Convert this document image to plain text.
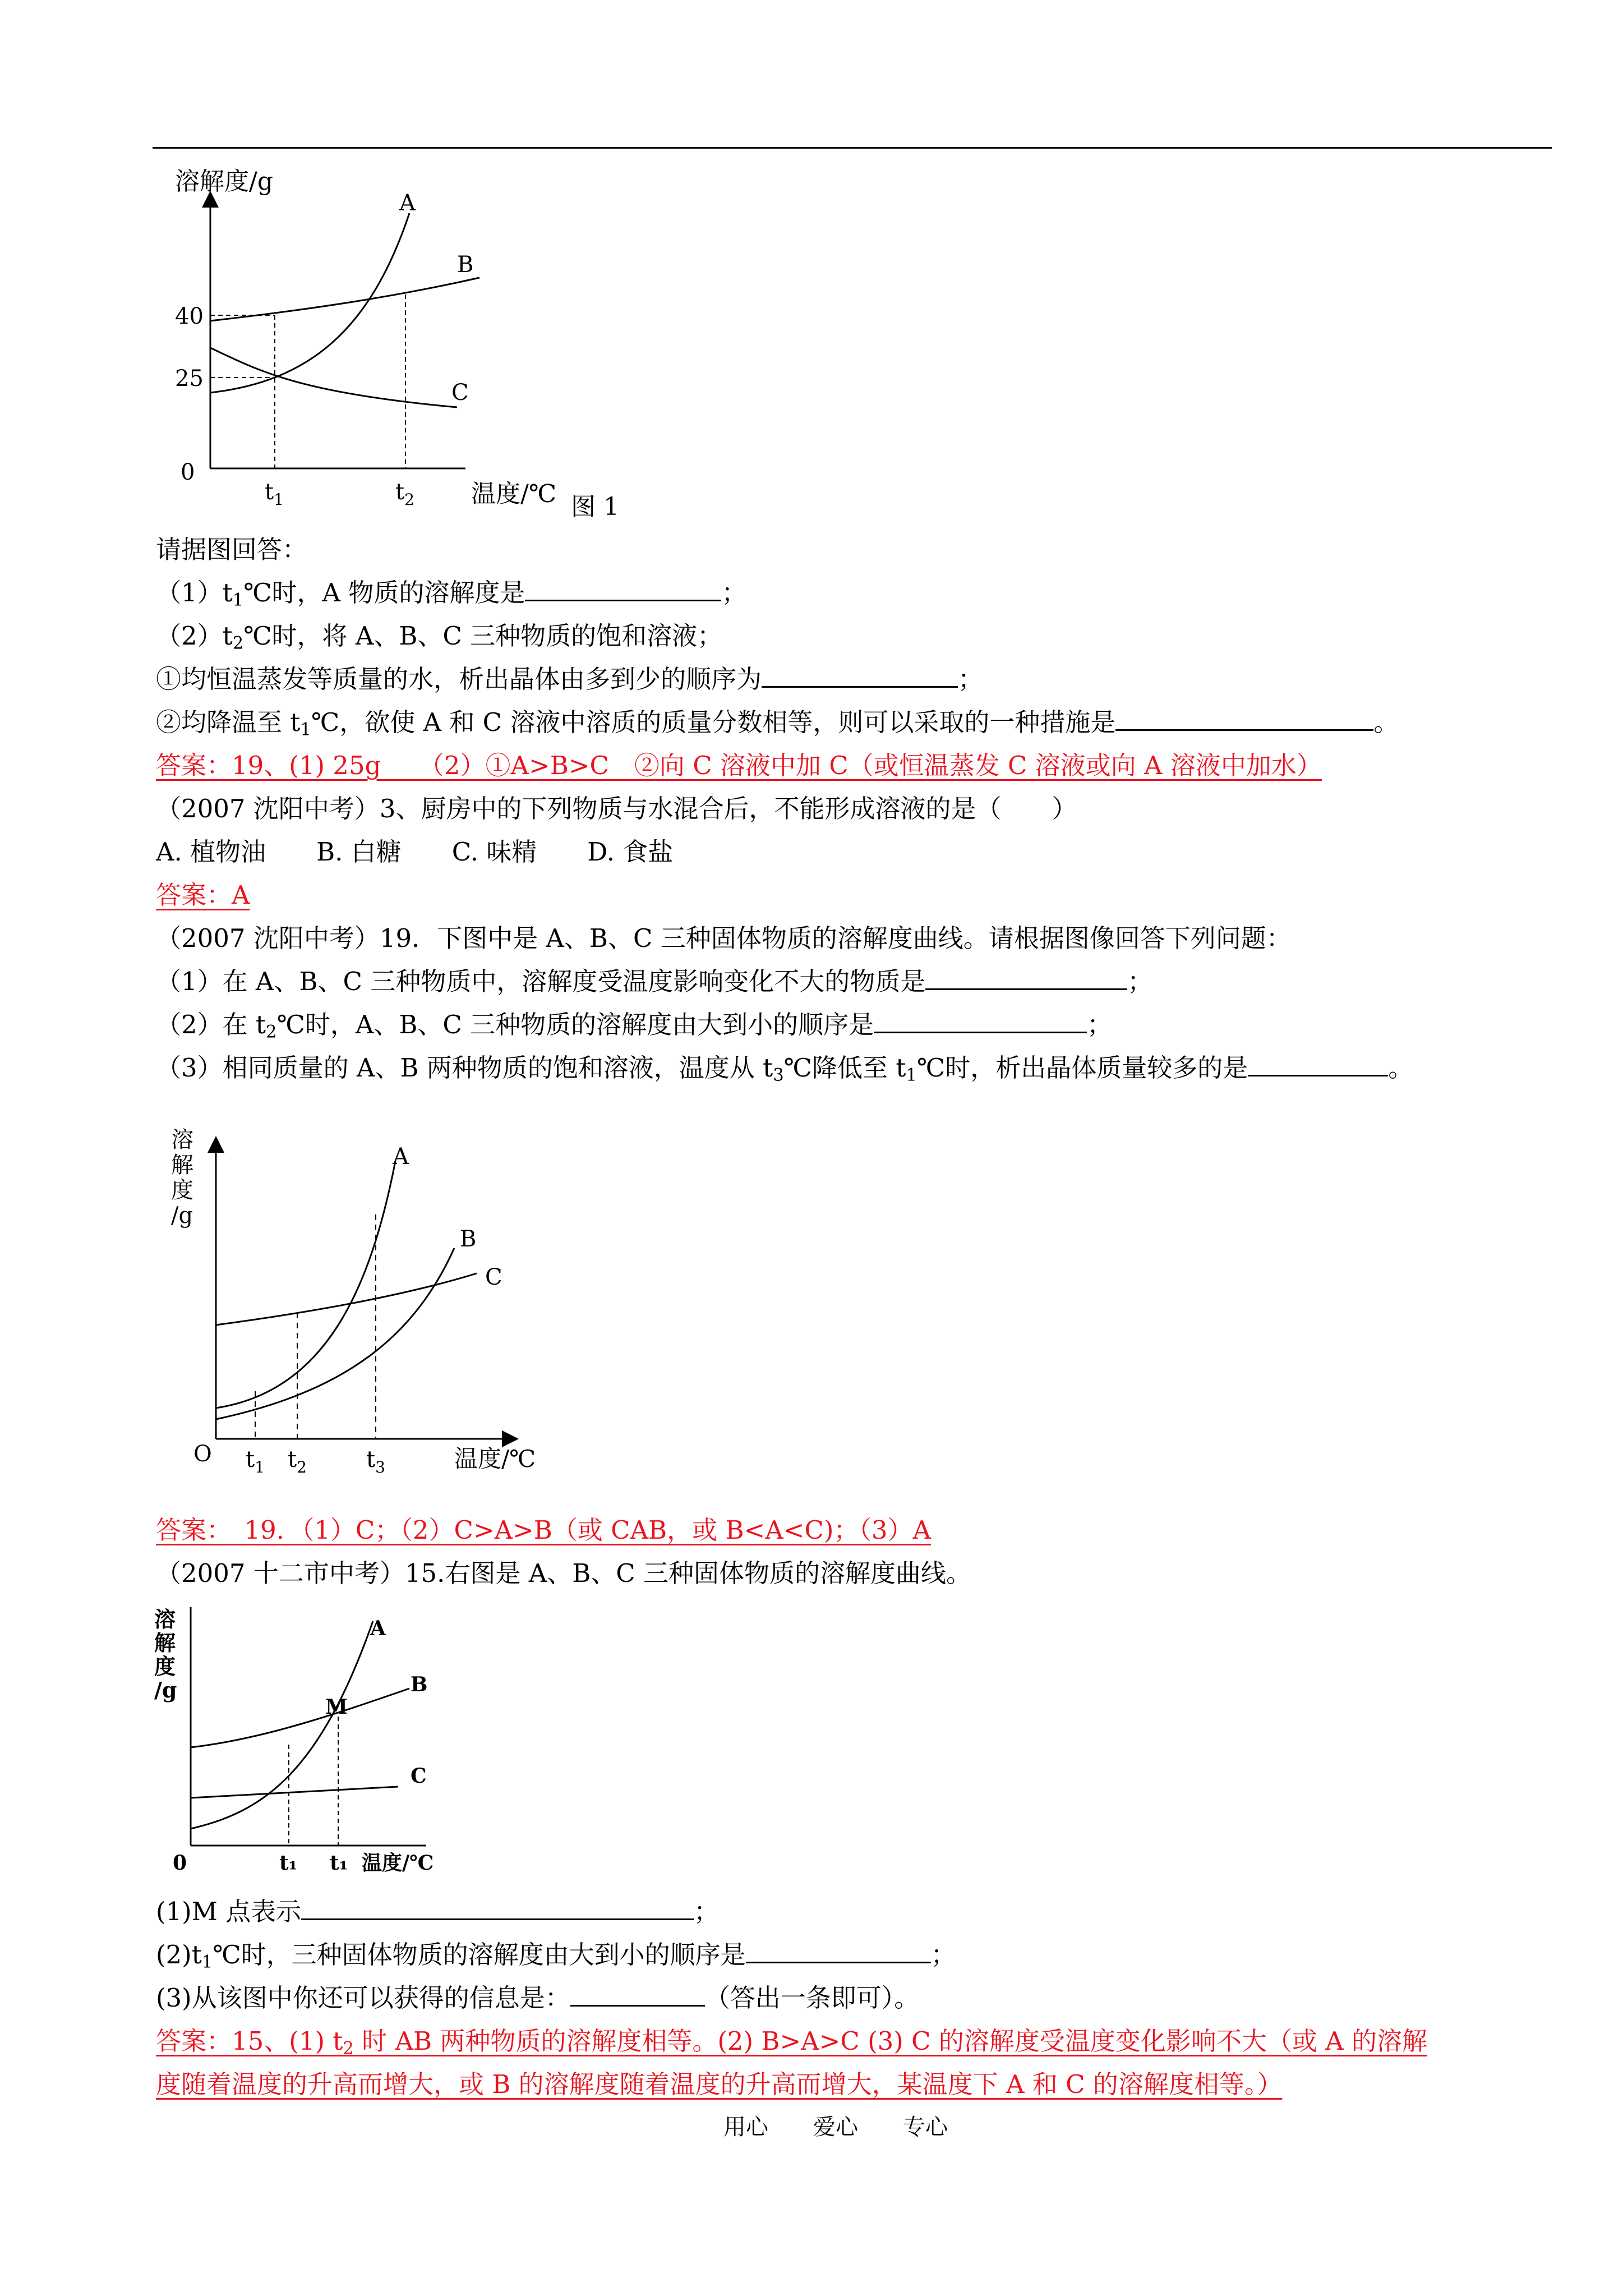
溶解度/g
40
25
0
$t_1$	$t_2$ 温度/℃ 图 1
A
B
C
请据图回答：
$(1)t_1℃$时，A 物质的溶解度是	；
$(2)t_2℃$时，将 A、B、C 三种物质的饱和溶液；
①均恒温蒸发等质量的水，析出晶体由多到少的顺序为	；
②均降温至 $t_1℃$，欲使 A 和 C 溶液中溶质的质量分数相等，则可以采取的一种措施是	。
答案：19、(1) 25g　　（2）①A>B>C　②向 C 溶液中加 C（或恒温蒸发 C 溶液或向 A 溶液中加水）
（2007 沈阳中考）3、厨房中的下列物质与水混合后，不能形成溶液的是（　　）
A. 植物油　　B. 白糖　　C. 味精　　D. 食盐
答案：A
（2007 沈阳中考）19．下图中是 A、B、C 三种固体物质的溶解度曲线。请根据图像回答下列问题：
（1）在 A、B、C 三种物质中，溶解度受温度影响变化不大的物质是	；
（2）在 $t_2℃$时，A、B、C 三种物质的溶解度由大到小的顺序是	；
（3）相同质量的 A、B 两种物质的饱和溶液，温度从 $t_3℃$降低至 $t_1℃$时，析出晶体质量较多的是	。
溶
解
度
/g
O $t_1$ $t_2$	$t_3$	温度/℃
A
B
C
答案：　19．（1）C；（2）C>A>B（或 CAB，或 B<A<C)；（3）A
（2007 十二市中考）15.右图是 A、B、C 三种固体物质的溶解度曲线。
溶
解
度
/g
M
0	t₁ t₁ 温度/℃
A
B
C
(1)M 点表示	；
$(2)t_1℃$时，三种固体物质的溶解度由大到小的顺序是	；
(3)从该图中你还可以获得的信息是：	（答出一条即可）。
答案：15、(1) $t_2$ 时 AB 两种物质的溶解度相等。(2) B>A>C (3) C 的溶解度受温度变化影响不大（或 A 的溶解
度随着温度的升高而增大，或 B 的溶解度随着温度的升高而增大，某温度下 A 和 C 的溶解度相等。）
用心　　爱心　　专心
